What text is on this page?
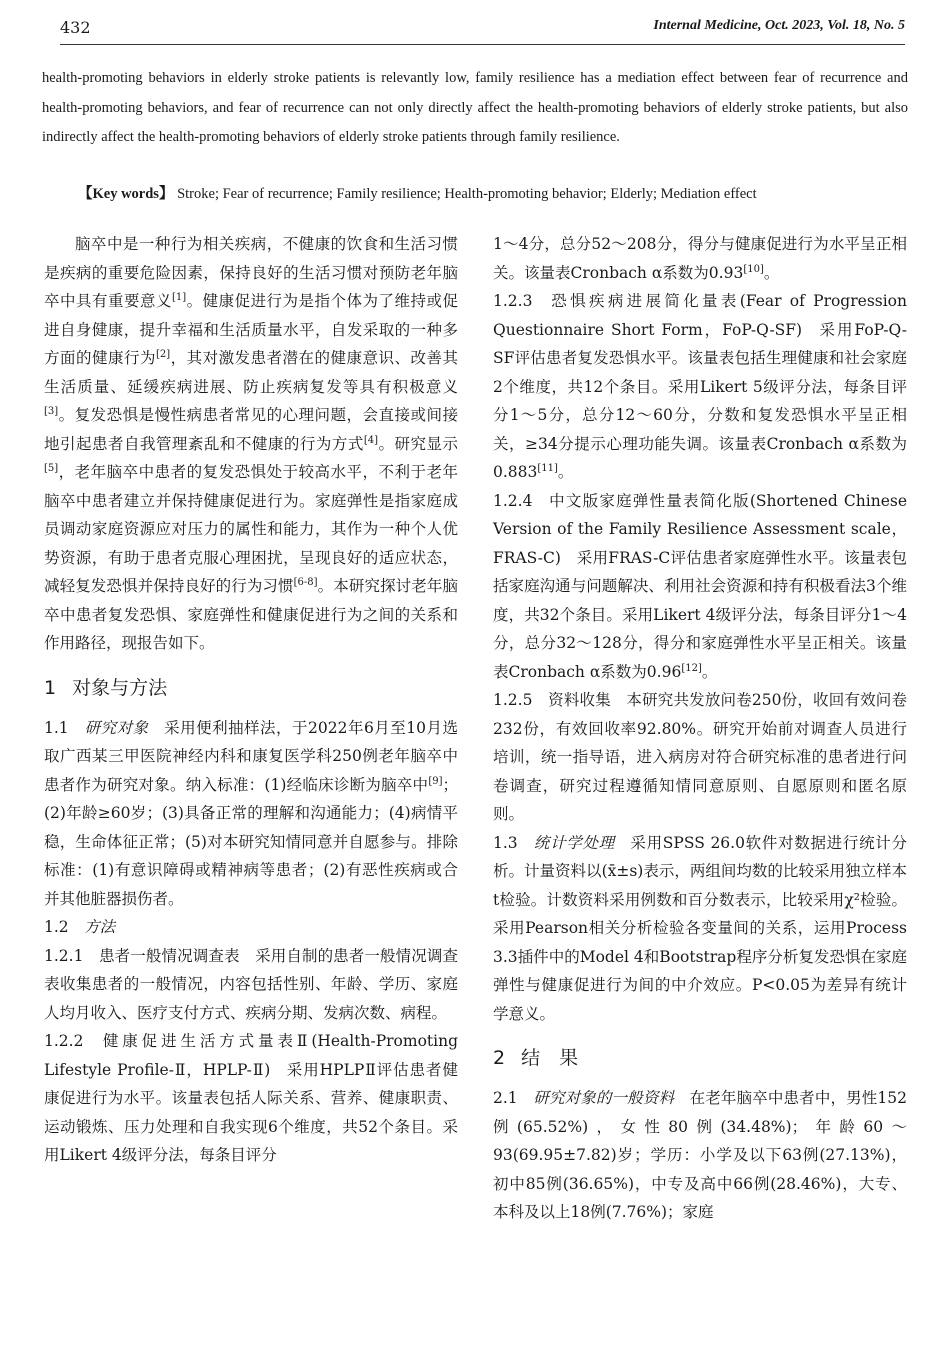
432	Internal Medicine, Oct. 2023, Vol. 18, No. 5
health-promoting behaviors in elderly stroke patients is relevantly low, family resilience has a mediation effect between fear of recurrence and health-promoting behaviors, and fear of recurrence can not only directly affect the health-promoting behaviors of elderly stroke patients, but also indirectly affect the health-promoting behaviors of elderly stroke patients through family resilience.
【Key words】 Stroke; Fear of recurrence; Family resilience; Health-promoting behavior; Elderly; Mediation effect

脑卒中是一种行为相关疾病，不健康的饮食和生活习惯是疾病的重要危险因素，保持良好的生活习惯对预防老年脑卒中具有重要意义[1]。健康促进行为是指个体为了维持或促进自身健康，提升幸福和生活质量水平，自发采取的一种多方面的健康行为[2]，其对激发患者潜在的健康意识、改善其生活质量、延缓疾病进展、防止疾病复发等具有积极意义[3]。复发恐惧是慢性病患者常见的心理问题，会直接或间接地引起患者自我管理紊乱和不健康的行为方式[4]。研究显示[5]，老年脑卒中患者的复发恐惧处于较高水平，不利于老年脑卒中患者建立并保持健康促进行为。家庭弹性是指家庭成员调动家庭资源应对压力的属性和能力，其作为一种个人优势资源，有助于患者克服心理困扰，呈现良好的适应状态，减轻复发恐惧并保持良好的行为习惯[6-8]。本研究探讨老年脑卒中患者复发恐惧、家庭弹性和健康促进行为之间的关系和作用路径，现报告如下。

1 对象与方法

1.1 研究对象 采用便利抽样法，于2022年6月至10月选取广西某三甲医院神经内科和康复医学科250例老年脑卒中患者作为研究对象。纳入标准：(1)经临床诊断为脑卒中[9]；(2)年龄≥60岁；(3)具备正常的理解和沟通能力；(4)病情平稳，生命体征正常；(5)对本研究知情同意并自愿参与。排除标准：(1)有意识障碍或精神病等患者；(2)有恶性疾病或合并其他脏器损伤者。

1.2 方法

1.2.1 患者一般情况调查表 采用自制的患者一般情况调查表收集患者的一般情况，内容包括性别、年龄、学历、家庭人均月收入、医疗支付方式、疾病分期、发病次数、病程。

1.2.2 健康促进生活方式量表Ⅱ(Health-Promoting Lifestyle Profile-Ⅱ，HPLP-Ⅱ) 采用HPLPⅡ评估患者健康促进行为水平。该量表包括人际关系、营养、健康职责、运动锻炼、压力处理和自我实现6个维度，共52个条目。采用Likert 4级评分法，每条目评分

1～4分，总分52～208分，得分与健康促进行为水平呈正相关。该量表Cronbach α系数为0.93[10]。

1.2.3 恐惧疾病进展简化量表(Fear of Progression Questionnaire Short Form，FoP-Q-SF) 采用FoP-Q-SF评估患者复发恐惧水平。该量表包括生理健康和社会家庭2个维度，共12个条目。采用Likert 5级评分法，每条目评分1～5分，总分12～60分，分数和复发恐惧水平呈正相关，≥34分提示心理功能失调。该量表Cronbach α系数为0.883[11]。

1.2.4 中文版家庭弹性量表简化版(Shortened Chinese Version of the Family Resilience Assessment scale，FRAS-C) 采用FRAS-C评估患者家庭弹性水平。该量表包括家庭沟通与问题解决、利用社会资源和持有积极看法3个维度，共32个条目。采用Likert 4级评分法，每条目评分1～4分，总分32～128分，得分和家庭弹性水平呈正相关。该量表Cronbach α系数为0.96[12]。

1.2.5 资料收集 本研究共发放问卷250份，收回有效问卷232份，有效回收率92.80%。研究开始前对调查人员进行培训，统一指导语，进入病房对符合研究标准的患者进行问卷调查，研究过程遵循知情同意原则、自愿原则和匿名原则。

1.3 统计学处理 采用SPSS 26.0软件对数据进行统计分析。计量资料以(x̄±s)表示，两组间均数的比较采用独立样本t检验。计数资料采用例数和百分数表示，比较采用χ²检验。采用Pearson相关分析检验各变量间的关系，运用Process 3.3插件中的Model 4和Bootstrap程序分析复发恐惧在家庭弹性与健康促进行为间的中介效应。P<0.05为差异有统计学意义。

2 结　果

2.1 研究对象的一般资料 在老年脑卒中患者中，男性152例(65.52%)，女性80例(34.48%)；年龄60～93(69.95±7.82)岁；学历：小学及以下63例(27.13%)，初中85例(36.65%)，中专及高中66例(28.46%)，大专、本科及以上18例(7.76%)；家庭
